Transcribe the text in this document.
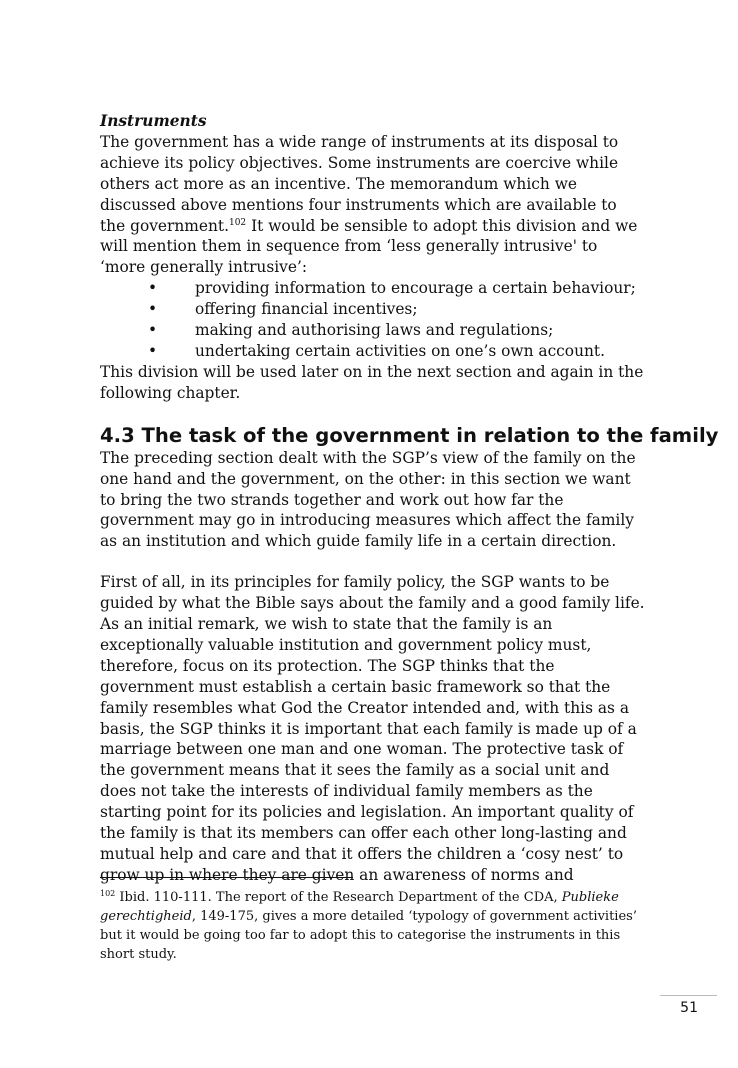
Instruments

The government has a wide range of instruments at its disposal to achieve its policy objectives. Some instruments are coercive while others act more as an incentive. The memorandum which we discussed above mentions four instruments which are available to the government.$^{102}$ It would be sensible to adopt this division and we will mention them in sequence from ‘less generally intrusive' to ‘more generally intrusive’:

• providing information to encourage a certain behaviour;
• offering financial incentives;
• making and authorising laws and regulations;
• undertaking certain activities on one’s own account.

This division will be used later on in the next section and again in the following chapter.

4.3 The task of the government in relation to the family

The preceding section dealt with the SGP’s view of the family on the one hand and the government, on the other: in this section we want to bring the two strands together and work out how far the government may go in introducing measures which affect the family as an institution and which guide family life in a certain direction.

First of all, in its principles for family policy, the SGP wants to be guided by what the Bible says about the family and a good family life. As an initial remark, we wish to state that the family is an exceptionally valuable institution and government policy must, therefore, focus on its protection. The SGP thinks that the government must establish a certain basic framework so that the family resembles what God the Creator intended and, with this as a basis, the SGP thinks it is important that each family is made up of a marriage between one man and one woman. The protective task of the government means that it sees the family as a social unit and does not take the interests of individual family members as the starting point for its policies and legislation. An important quality of the family is that its members can offer each other long-lasting and mutual help and care and that it offers the children a ‘cosy nest’ to grow up in where they are given an awareness of norms and

$^{102}$ Ibid. 110-111. The report of the Research Department of the CDA, Publieke gerechtigheid, 149-175, gives a more detailed ‘typology of government activities’ but it would be going too far to adopt this to categorise the instruments in this short study.
51
